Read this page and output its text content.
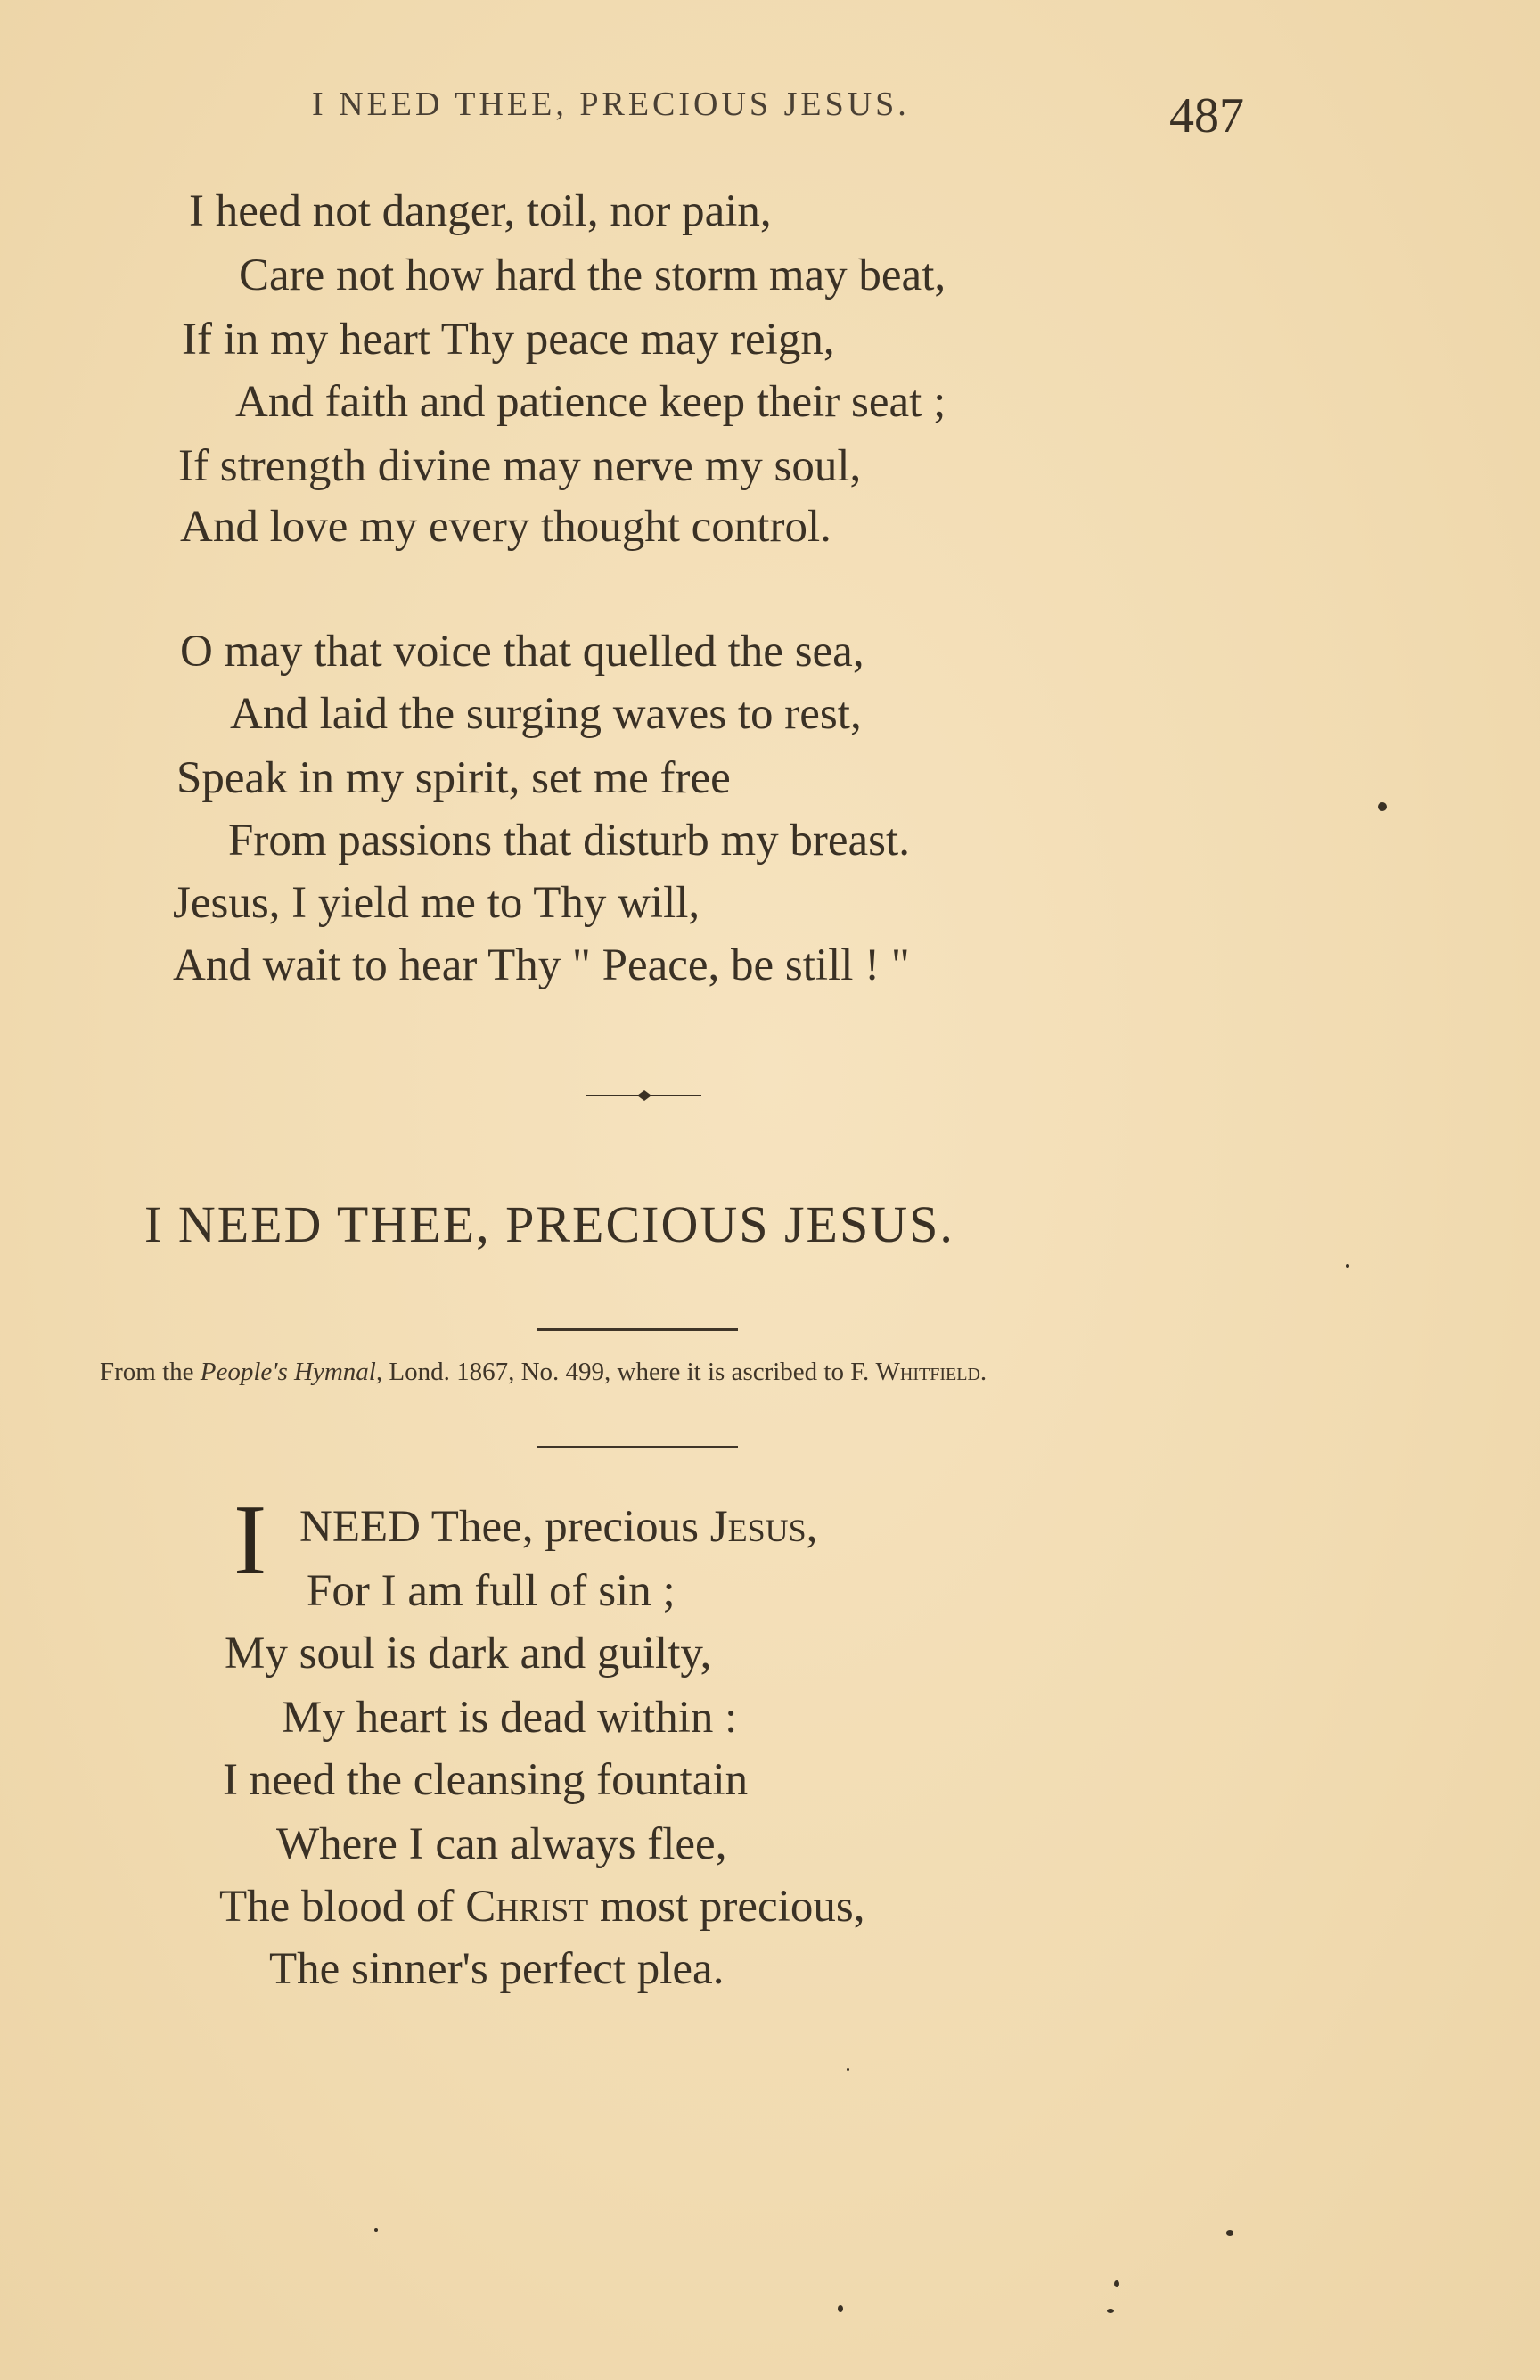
I NEED THEE, PRECIOUS JESUS.	487
I heed not danger, toil, nor pain,
Care not how hard the storm may beat,
If in my heart Thy peace may reign,
And faith and patience keep their seat ;
If strength divine may nerve my soul,
And love my every thought control.
O may that voice that quelled the sea,
And laid the surging waves to rest,
Speak in my spirit, set me free
From passions that disturb my breast.
Jesus, I yield me to Thy will,
And wait to hear Thy " Peace, be still ! "
I NEED THEE, PRECIOUS JESUS.
From the People's Hymnal, Lond. 1867, No. 499, where it is ascribed to F. Whitfield.
I NEED Thee, precious Jesus,
For I am full of sin ;
My soul is dark and guilty,
My heart is dead within :
I need the cleansing fountain
Where I can always flee,
The blood of Christ most precious,
The sinner's perfect plea.
